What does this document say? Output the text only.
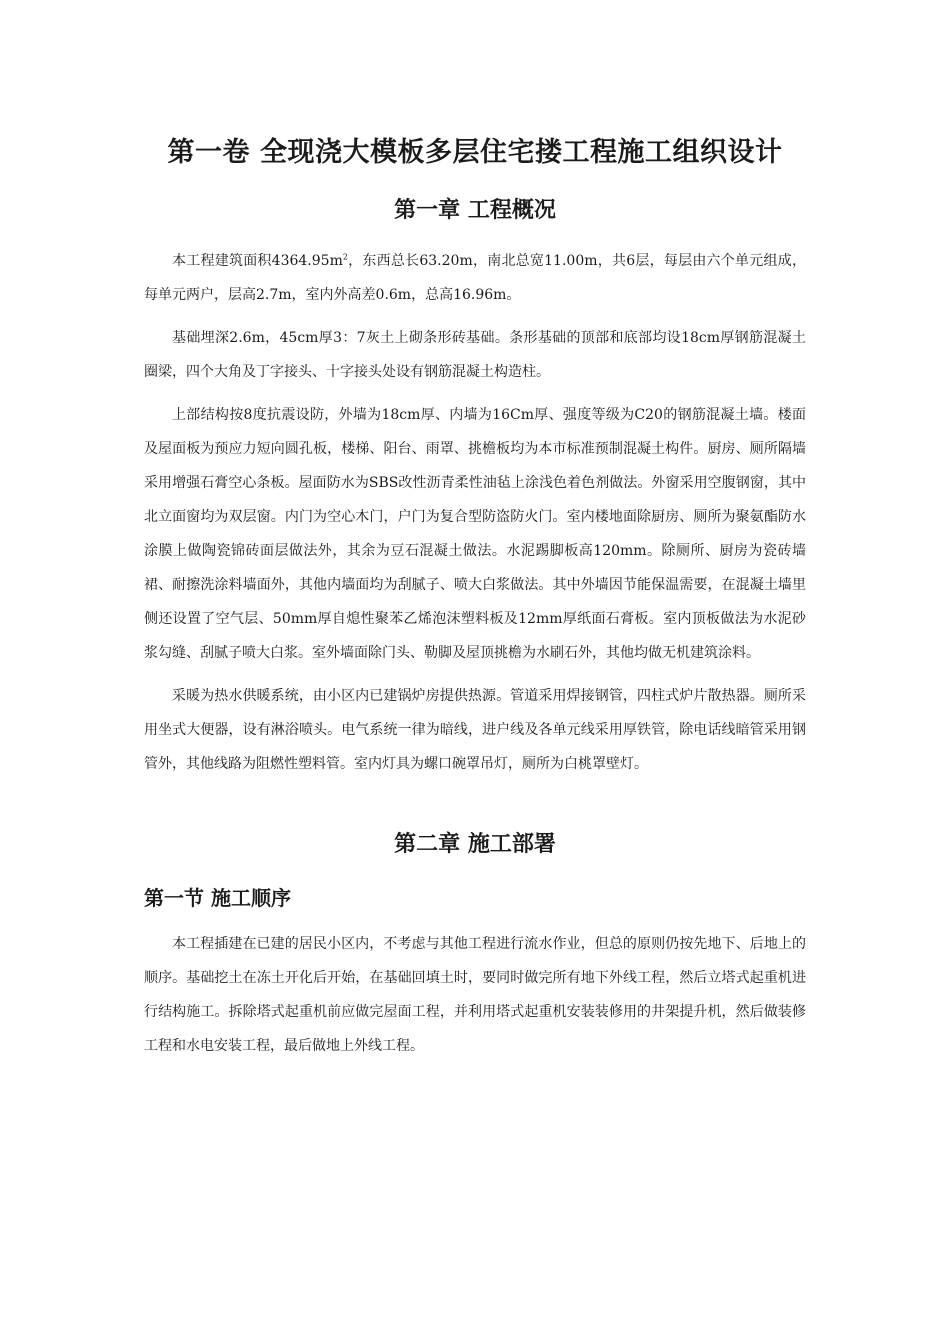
第一卷 全现浇大模板多层住宅搂工程施工组织设计
第一章 工程概况

本工程建筑面积$4364.95m^2$，东西总长63.20m，南北总宽11.00m，共6层，每层由六个单元组成，每单元两户，层高2.7m，室内外高差0.6m，总高16.96m。

基础埋深2.6m，45cm厚3：7灰土上砌条形砖基础。条形基础的顶部和底部均设18cm厚钢筋混凝土圈梁，四个大角及丁字接头、十字接头处设有钢筋混凝土构造柱。

上部结构按8度抗震设防，外墙为18cm厚、内墙为16Cm厚、强度等级为C20的钢筋混凝土墙。楼面及屋面板为预应力短向圆孔板，楼梯、阳台、雨罩、挑檐板均为本市标准预制混凝土构件。厨房、厕所隔墙采用增强石膏空心条板。屋面防水为SBS改性沥青柔性油毡上涂浅色着色剂做法。外窗采用空腹钢窗，其中北立面窗均为双层窗。内门为空心木门，户门为复合型防盗防火门。室内楼地面除厨房、厕所为聚氨酯防水涂膜上做陶瓷锦砖面层做法外，其余为豆石混凝土做法。水泥踢脚板高120mm。除厕所、厨房为瓷砖墙裙、耐擦洗涂料墙面外，其他内墙面均为刮腻子、喷大白浆做法。其中外墙因节能保温需要，在混凝土墙里侧还设置了空气层、50mm厚自熄性聚苯乙烯泡沫塑料板及12mm厚纸面石膏板。室内顶板做法为水泥砂浆勾缝、刮腻子喷大白浆。室外墙面除门头、勒脚及屋顶挑檐为水刷石外，其他均做无机建筑涂料。

采暖为热水供暖系统，由小区内已建锅炉房提供热源。管道采用焊接钢管，四柱式炉片散热器。厕所采用坐式大便器，设有淋浴喷头。电气系统一律为暗线，进户线及各单元线采用厚铁管，除电话线暗管采用钢管外，其他线路为阻燃性塑料管。室内灯具为螺口碗罩吊灯，厕所为白桃罩壁灯。

第二章 施工部署
第一节 施工顺序

本工程插建在已建的居民小区内，不考虑与其他工程进行流水作业，但总的原则仍按先地下、后地上的顺序。基础挖土在冻土开化后开始，在基础回填土时，要同时做完所有地下外线工程，然后立塔式起重机进行结构施工。拆除塔式起重机前应做完屋面工程，并利用塔式起重机安装装修用的井架提升机，然后做装修工程和水电安装工程，最后做地上外线工程。
